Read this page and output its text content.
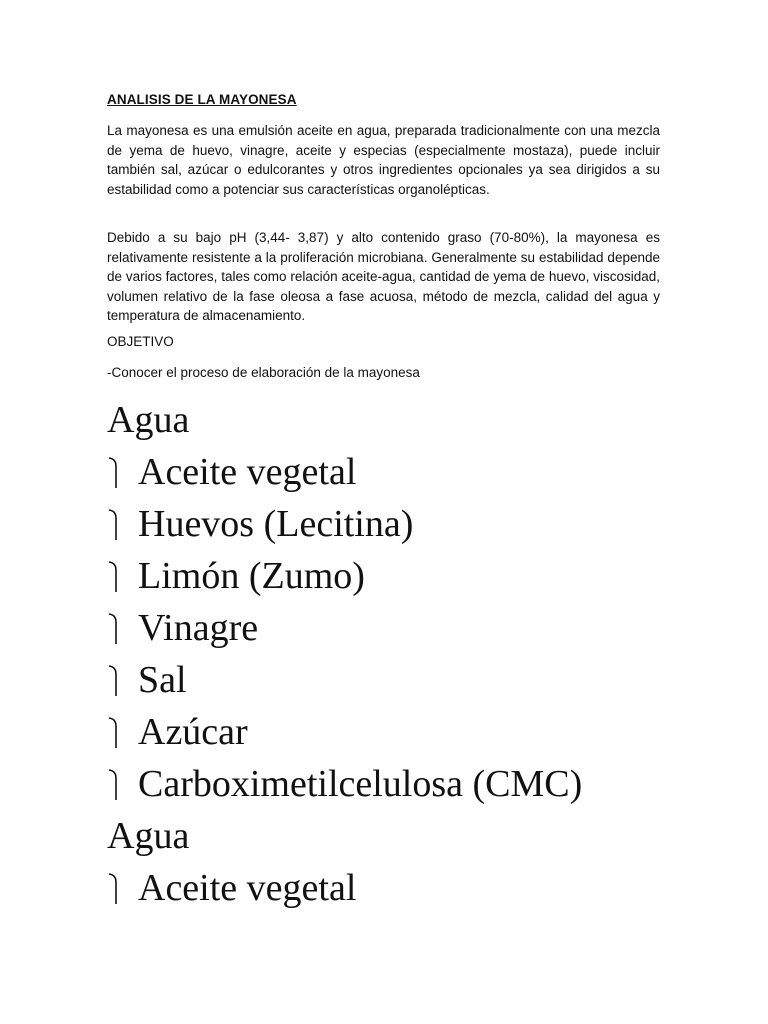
ANALISIS DE LA MAYONESA

La mayonesa es una emulsión aceite en agua, preparada tradicionalmente con una mezcla de yema de huevo, vinagre, aceite y especias (especialmente mostaza), puede incluir también sal, azúcar o edulcorantes y otros ingredientes opcionales ya sea dirigidos a su estabilidad como a potenciar sus características organolépticas.

Debido a su bajo pH (3,44- 3,87) y alto contenido graso (70-80%), la mayonesa es relativamente resistente a la proliferación microbiana. Generalmente su estabilidad depende de varios factores, tales como relación aceite-agua, cantidad de yema de huevo, viscosidad, volumen relativo de la fase oleosa a fase acuosa, método de mezcla, calidad del agua y temperatura de almacenamiento.

OBJETIVO
-Conocer el proceso de elaboración de la mayonesa
Agua
Aceite vegetal
Huevos (Lecitina)
Limón (Zumo)
Vinagre
Sal
Azúcar
Carboximetilcelulosa (CMC)
Agua
Aceite vegetal
